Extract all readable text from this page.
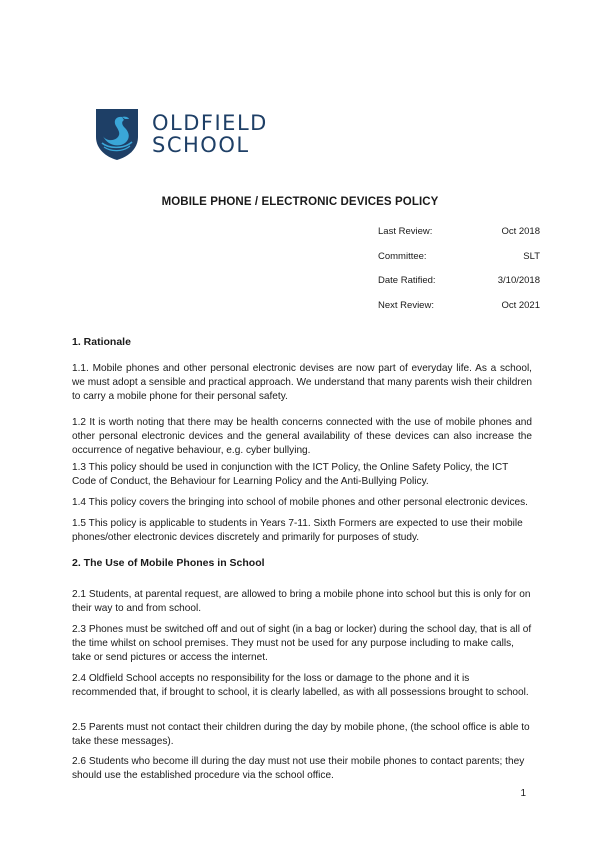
OLDFIELD
SCHOOL
MOBILE PHONE / ELECTRONIC DEVICES POLICY
Last Review:	Oct 2018
Committee:	SLT
Date Ratified:	3/10/2018
Next Review:	Oct 2021
1. Rationale

1.1. Mobile phones and other personal electronic devises are now part of everyday life. As a school, we must adopt a sensible and practical approach. We understand that many parents wish their children to carry a mobile phone for their personal safety.

1.2 It is worth noting that there may be health concerns connected with the use of mobile phones and other personal electronic devices and the general availability of these devices can also increase the occurrence of negative behaviour, e.g. cyber bullying.

1.3 This policy should be used in conjunction with the ICT Policy, the Online Safety Policy, the ICT Code of Conduct, the Behaviour for Learning Policy and the Anti-Bullying Policy.

1.4 This policy covers the bringing into school of mobile phones and other personal electronic devices.

1.5 This policy is applicable to students in Years 7-11. Sixth Formers are expected to use their mobile phones/other electronic devices discretely and primarily for purposes of study.

2. The Use of Mobile Phones in School

2.1 Students, at parental request, are allowed to bring a mobile phone into school but this is only for on their way to and from school.

2.3 Phones must be switched off and out of sight (in a bag or locker) during the school day, that is all of the time whilst on school premises. They must not be used for any purpose including to make calls, take or send pictures or access the internet.

2.4 Oldfield School accepts no responsibility for the loss or damage to the phone and it is recommended that, if brought to school, it is clearly labelled, as with all possessions brought to school.

2.5 Parents must not contact their children during the day by mobile phone, (the school office is able to take these messages).

2.6 Students who become ill during the day must not use their mobile phones to contact parents; they should use the established procedure via the school office.

1
